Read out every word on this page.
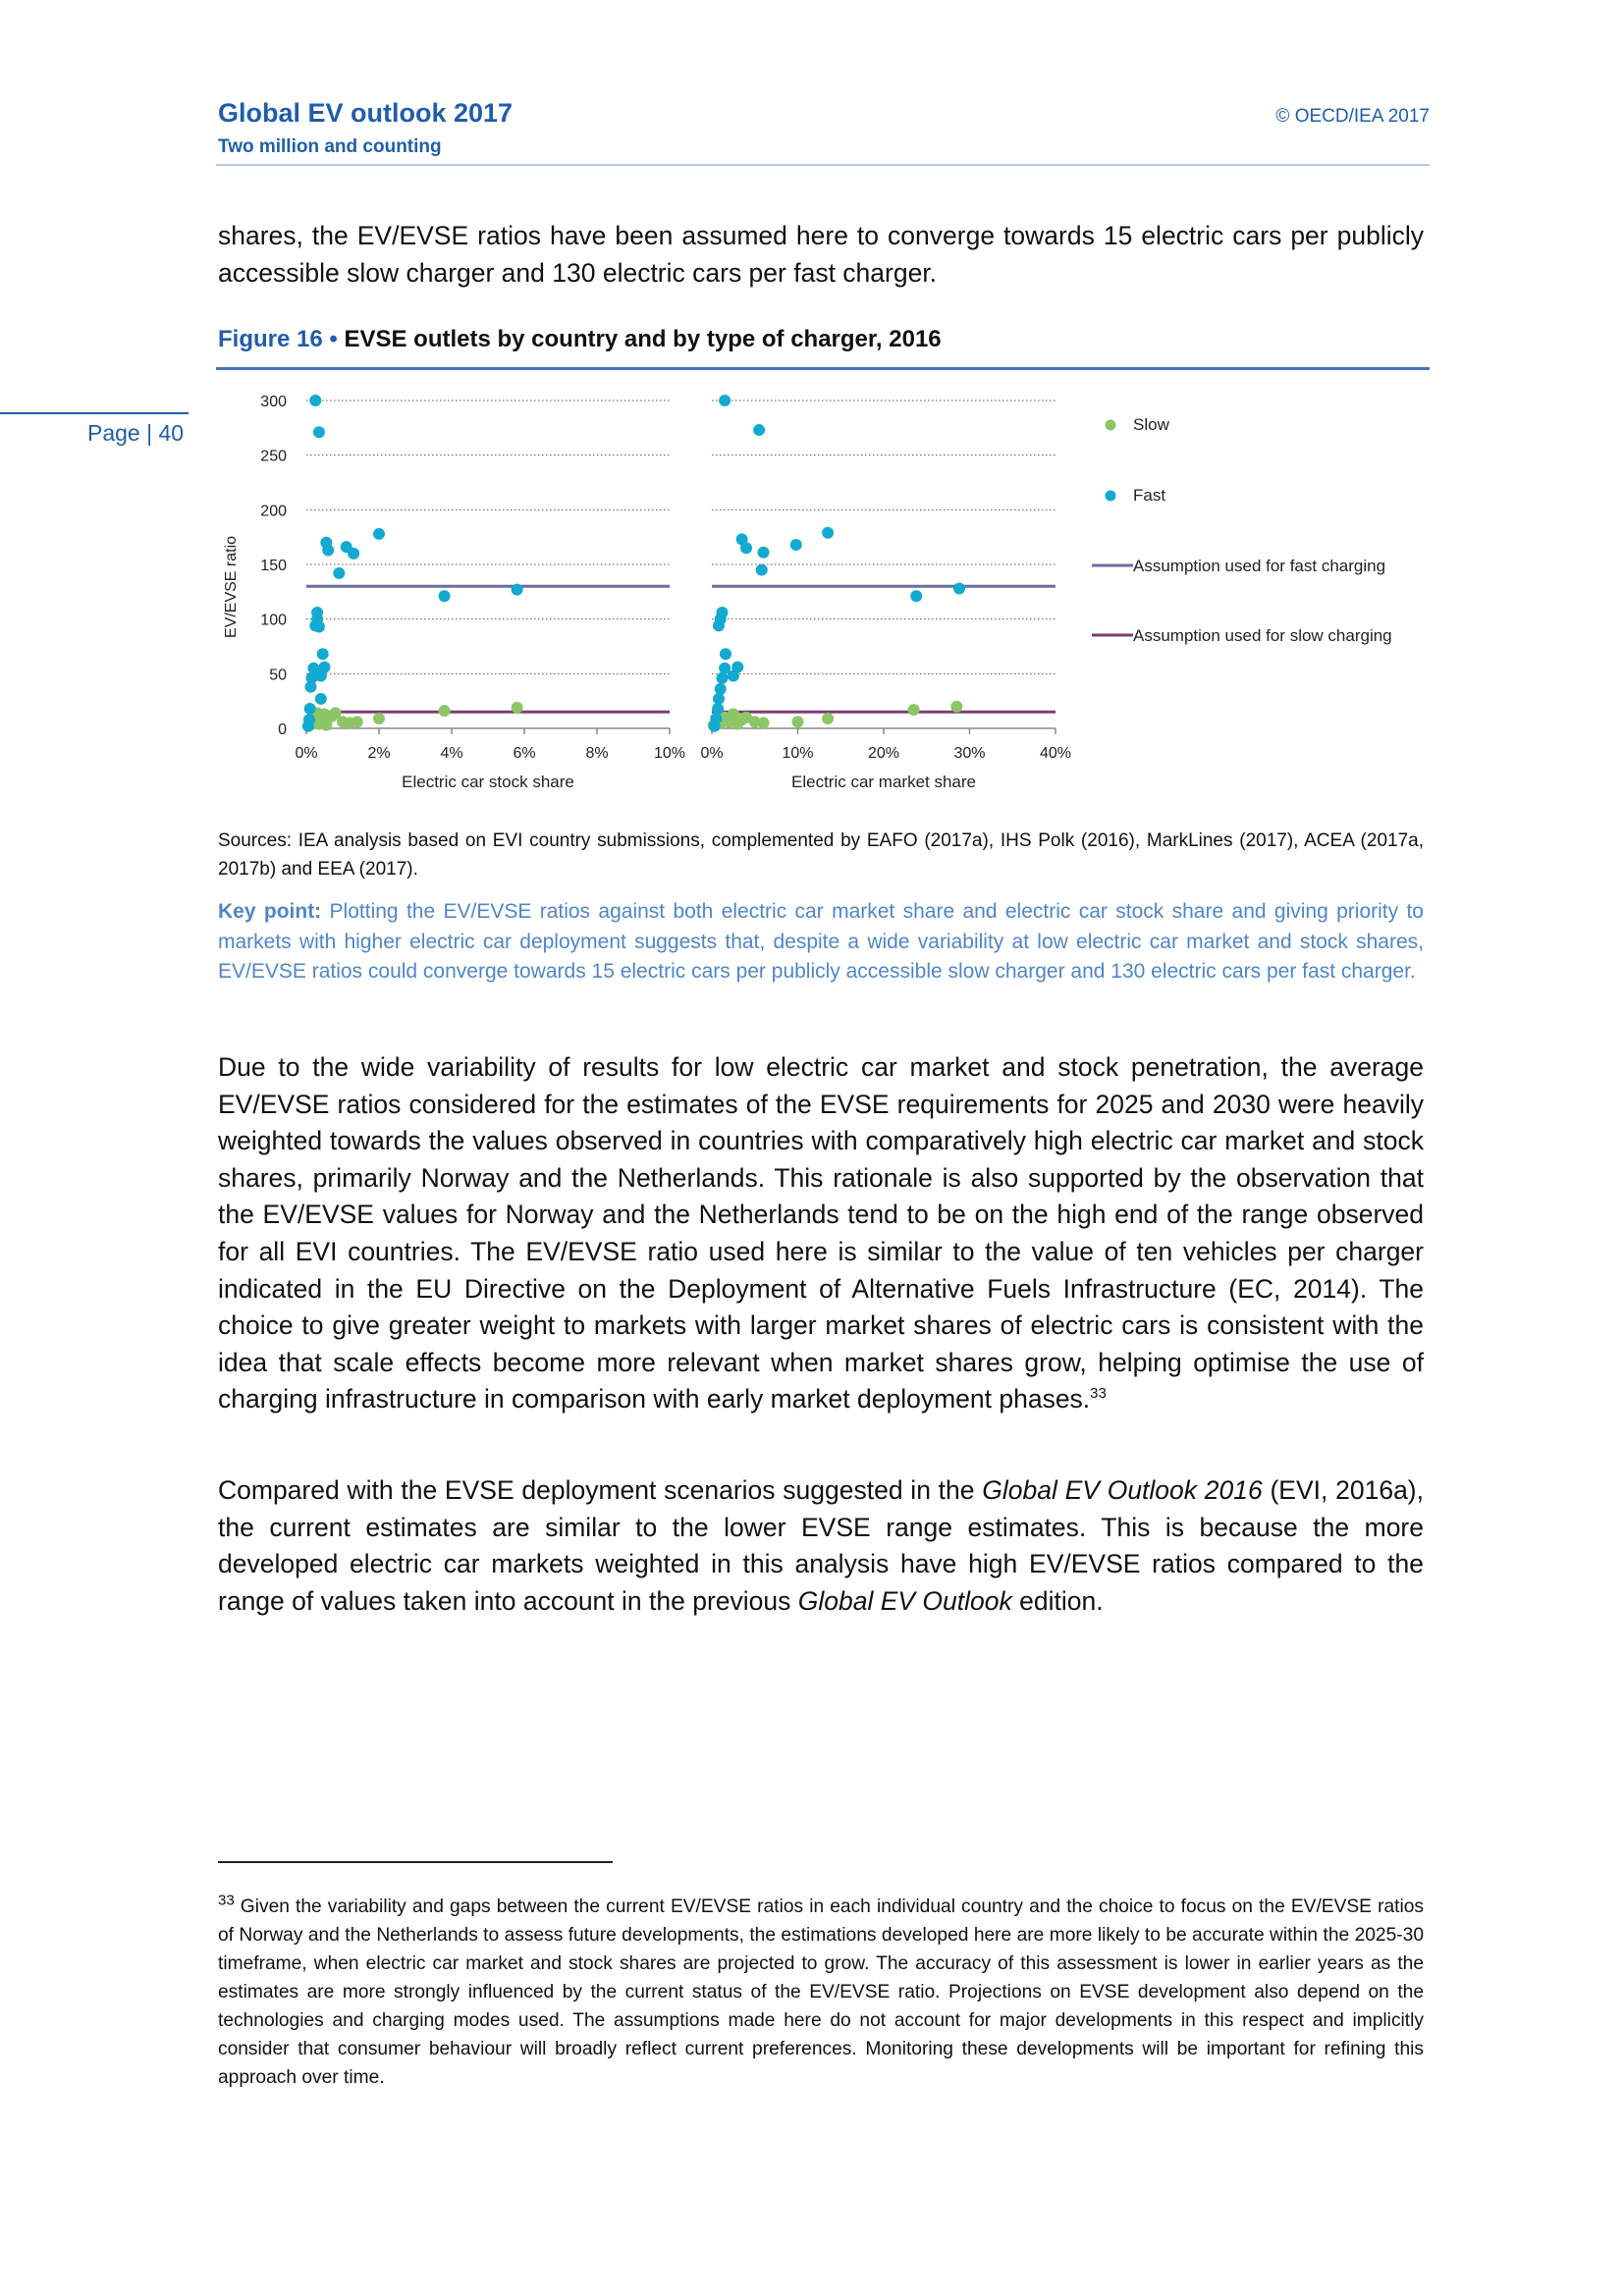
Global EV outlook 2017
Two million and counting
© OECD/IEA 2017
Page | 40

shares, the EV/EVSE ratios have been assumed here to converge towards 15 electric cars per publicly accessible slow charger and 130 electric cars per fast charger.

Figure 16 • EVSE outlets by country and by type of charger, 2016
0
50
100
150
200
250
300
0%	2%	4%	6%	8%	10%
Electric car stock share
0%	10%	20%	30%	40%
Electric car market share
EV/EVSE ratio
Slow
Fast
Assumption used for fast charging
Assumption used for slow charging
Sources: IEA analysis based on EVI country submissions, complemented by EAFO (2017a), IHS Polk (2016), MarkLines (2017), ACEA (2017a, 2017b) and EEA (2017).
Key point: Plotting the EV/EVSE ratios against both electric car market share and electric car stock share and giving priority to markets with higher electric car deployment suggests that, despite a wide variability at low electric car market and stock shares, EV/EVSE ratios could converge towards 15 electric cars per publicly accessible slow charger and 130 electric cars per fast charger.

Due to the wide variability of results for low electric car market and stock penetration, the average EV/EVSE ratios considered for the estimates of the EVSE requirements for 2025 and 2030 were heavily weighted towards the values observed in countries with comparatively high electric car market and stock shares, primarily Norway and the Netherlands. This rationale is also supported by the observation that the EV/EVSE values for Norway and the Netherlands tend to be on the high end of the range observed for all EVI countries. The EV/EVSE ratio used here is similar to the value of ten vehicles per charger indicated in the EU Directive on the Deployment of Alternative Fuels Infrastructure (EC, 2014). The choice to give greater weight to markets with larger market shares of electric cars is consistent with the idea that scale effects become more relevant when market shares grow, helping optimise the use of charging infrastructure in comparison with early market deployment phases.$^{33}$

Compared with the EVSE deployment scenarios suggested in the Global EV Outlook 2016 (EVI, 2016a), the current estimates are similar to the lower EVSE range estimates. This is because the more developed electric car markets weighted in this analysis have high EV/EVSE ratios compared to the range of values taken into account in the previous Global EV Outlook edition.

$^{33}$ Given the variability and gaps between the current EV/EVSE ratios in each individual country and the choice to focus on the EV/EVSE ratios of Norway and the Netherlands to assess future developments, the estimations developed here are more likely to be accurate within the 2025-30 timeframe, when electric car market and stock shares are projected to grow. The accuracy of this assessment is lower in earlier years as the estimates are more strongly influenced by the current status of the EV/EVSE ratio. Projections on EVSE development also depend on the technologies and charging modes used. The assumptions made here do not account for major developments in this respect and implicitly consider that consumer behaviour will broadly reflect current preferences. Monitoring these developments will be important for refining this approach over time.
